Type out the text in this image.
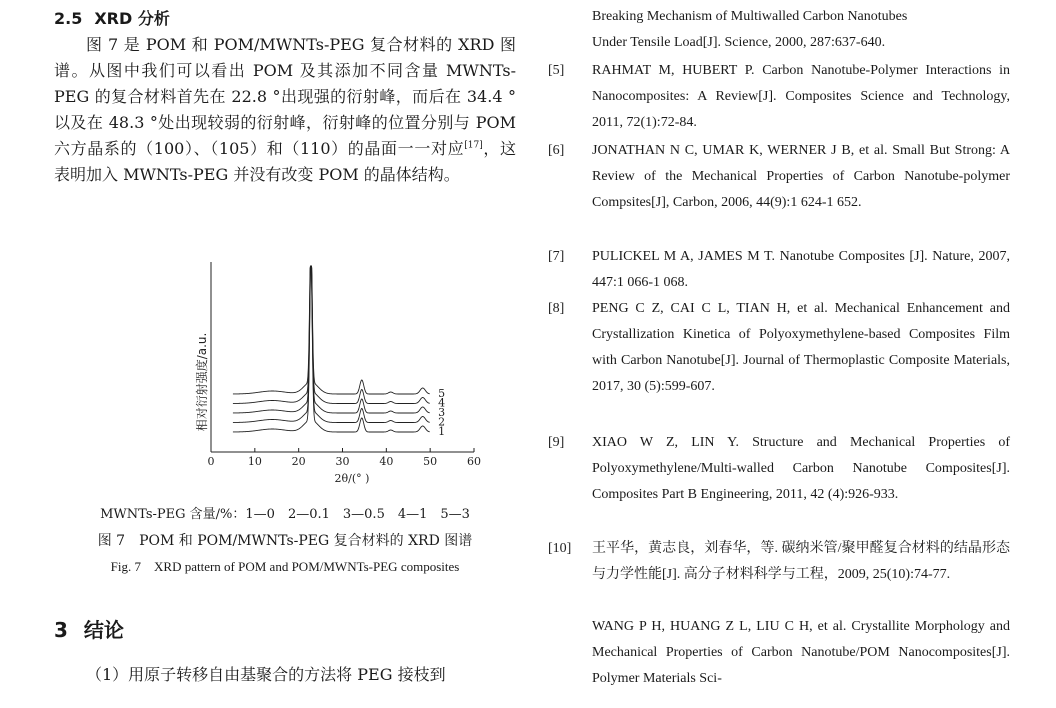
2.5 XRD 分析

图 7 是 POM 和 POM/MWNTs-PEG 复合材料的 XRD 图谱。从图中我们可以看出 POM 及其添加不同含量 MWNTs-PEG 的复合材料首先在 22.8 °出现强的衍射峰，而后在 34.4 °以及在 48.3 °处出现较弱的衍射峰，衍射峰的位置分别与 POM 六方晶系的（100）、（105）和（110）的晶面一一对应[17]，这表明加入 MWNTs-PEG 并没有改变 POM 的晶体结构。

1
2
3
4
5
0	10	20	30	40	50	60
相对衍射强度/a.u.
2θ/(° )
MWNTs-PEG 含量/%：1—0　2—0.1　3—0.5　4—1　5—3
图 7　POM 和 POM/MWNTs-PEG 复合材料的 XRD 图谱
Fig. 7　XRD pattern of POM and POM/MWNTs-PEG composites
3 结论

（1）用原子转移自由基聚合的方法将 PEG 接枝到

Breaking Mechanism of Multiwalled Carbon Nanotubes
Under Tensile Load[J]. Science, 2000, 287:637-640.
[5]	RAHMAT M, HUBERT P. Carbon Nanotube-Polymer Interactions in Nanocomposites: A Review[J]. Composites Science and Technology, 2011, 72(1):72-84.
[6]	JONATHAN N C, UMAR K, WERNER J B, et al. Small But Strong: A Review of the Mechanical Properties of Carbon Nanotube-polymer Compsites[J], Carbon, 2006, 44(9):1 624-1 652.
[7]	PULICKEL M A, JAMES M T. Nanotube Composites [J]. Nature, 2007, 447:1 066-1 068.
[8]	PENG C Z, CAI C L, TIAN H, et al. Mechanical Enhancement and Crystallization Kinetica of Polyoxymethylene-based Composites Film with Carbon Nanotube[J]. Journal of Thermoplastic Composite Materials, 2017, 30 (5):599-607.
[9]	XIAO W Z, LIN Y. Structure and Mechanical Properties of Polyoxymethylene/Multi-walled Carbon Nanotube Composites[J]. Composites Part B Engineering, 2011, 42 (4):926-933.
[10]	王平华，黄志良，刘春华，等. 碳纳米管/聚甲醛复合材料的结晶形态与力学性能[J]. 高分子材料科学与工程，2009, 25(10):74-77.
WANG P H, HUANG Z L, LIU C H, et al. Crystallite Morphology and Mechanical Properties of Carbon Nanotube/POM Nanocomposites[J]. Polymer Materials Sci-
